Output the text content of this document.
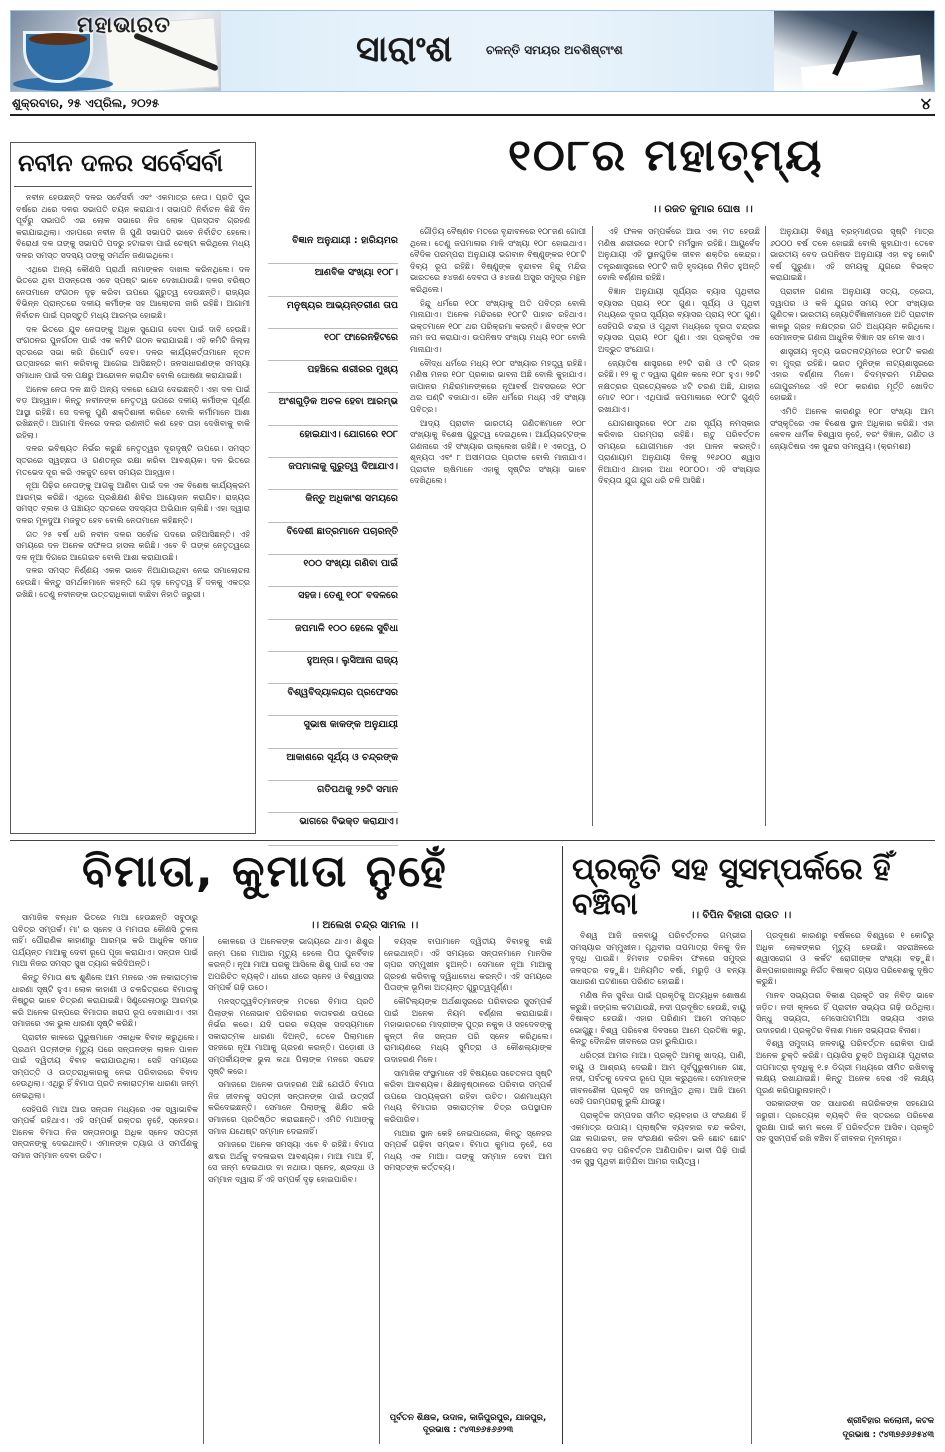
ମହାଭାରତ
ସାରାଂଶ	ଚଳନ୍ତି ସମୟର ଅବଶିଷ୍ଟାଂଶ
ଶୁକ୍ରବାର, ୨୫ ଏପ୍ରିଲ, ୨୦୨୫	୪
ନବୀନ ଦଳର ସର୍ବେସର୍ବା

ନବୀନ ହେଉଛନ୍ତି ଦଳର ସର୍ବେସର୍ବା ଏବଂ ଏକମାତ୍ର ନେତା। ପ୍ରତି ପୁର ବର୍ଷରେ ଥରେ ଦଳର ସଭାପତି ଚୟନ କରାଯାଏ। ସଭାପତି ନିର୍ବାଚନ କିଛି ଦିନ ପୂର୍ବରୁ ସଭାପତି ଏଇ ଲୋକ ସଭାରେ ନିଜ ଲୋକ ପ୍ରସ୍ତାବ ଗ୍ରହଣ କରାଯାଇଥିଲା। ଏହାପରେ ନବୀନ ଜି ପୁଣି ସଭାପତି ଭାବେ ନିର୍ବାଚିତ ହେଲେ। ବିରୋଧୀ ଦଳ ତାଙ୍କୁ ସଭାପତି ପଦରୁ ହଟାଇବା ପାଇଁ ଚେଷ୍ଟା କରିଥିଲେ ମଧ୍ୟ ଦଳର ସମସ୍ତ ସଦସ୍ୟ ତାଙ୍କୁ ସମର୍ଥନ ଜଣାଇଥିଲେ।

ଏଥିରେ ଅନ୍ୟ କୌଣସି ପ୍ରାର୍ଥୀ ନାମାଙ୍କନ ଦାଖଲ କରିନଥିଲେ। ଦଳ ଭିତରେ ଥିବା ଅସନ୍ତୋଷ ଏବେ ସ୍ପଷ୍ଟ ଭାବେ ଦେଖାଯାଉଛି। ଦଳର ବରିଷ୍ଠ ନେତାମାନେ ସଂଗଠନ ଦୃଢ଼ କରିବା ଉପରେ ଗୁରୁତ୍ୱ ଦେଉଛନ୍ତି। ରାଜ୍ୟର ବିଭିନ୍ନ ପ୍ରାନ୍ତରେ ଦଳୀୟ କର୍ମୀଙ୍କ ସହ ଆଲୋଚନା ଜାରି ରହିଛି। ଆଗାମୀ ନିର୍ବାଚନ ପାଇଁ ପ୍ରସ୍ତୁତି ମଧ୍ୟ ଆରମ୍ଭ ହୋଇଛି।

ଦଳ ଭିତରେ ଯୁବ ନେତାଙ୍କୁ ଅଧିକ ସୁଯୋଗ ଦେବା ପାଇଁ ଦାବି ହେଉଛି। ସଂଗଠନର ପୁନର୍ଗଠନ ପାଇଁ ଏକ କମିଟି ଗଠନ କରାଯାଇଛି। ଏହି କମିଟି ଜିଲ୍ଲା ସ୍ତରରେ ସଭା କରି ରିପୋର୍ଟ ଦେବ। ଦଳର କାର୍ଯ୍ୟକର୍ତ୍ତାମାନେ ନୂତନ ଉତ୍ସାହରେ କାମ କରିବାକୁ ଆଗେଇ ଆସିଛନ୍ତି। ଜନସାଧାରଣଙ୍କ ସମସ୍ୟା ସମାଧାନ ପାଇଁ ଦଳ ପକ୍ଷରୁ ଆନ୍ଦୋଳନ କରାଯିବ ବୋଲି ଘୋଷଣା କରାଯାଇଛି।

ଅନେକ ନେତା ଦଳ ଛାଡ଼ି ଅନ୍ୟ ଦଳରେ ଯୋଗ ଦେଇଛନ୍ତି। ଏହା ଦଳ ପାଇଁ ବଡ଼ ଆହ୍ୱାନ। କିନ୍ତୁ ନବୀନଙ୍କ ନେତୃତ୍ୱ ଉପରେ ଦଳୀୟ କର୍ମୀଙ୍କ ପୂର୍ଣ୍ଣ ଆସ୍ଥା ରହିଛି। ସେ ଦଳକୁ ପୁଣି ଶକ୍ତିଶାଳୀ କରିବେ ବୋଲି କର୍ମୀମାନେ ଆଶା ରଖିଛନ୍ତି। ଆଗାମୀ ଦିନରେ ଦଳର ରଣନୀତି କଣ ହେବ ତାହା ଦେଖିବାକୁ ବାକି ରହିଲା।

ଦଳର ଭବିଷ୍ୟତ ନିର୍ଭର କରୁଛି ନେତୃତ୍ୱର ଦୂରଦୃଷ୍ଟି ଉପରେ। ସମସ୍ତ ସ୍ତରରେ ସ୍ୱଚ୍ଛତା ଓ ଗଣତନ୍ତ୍ର ରକ୍ଷା କରିବା ଆବଶ୍ୟକ। ଦଳ ଭିତରେ ମତଭେଦ ଦୂର କରି ଏକଜୁଟ ହେବା ସମୟର ଆହ୍ୱାନ।

ନୂଆ ପିଢ଼ିର ନେତାଙ୍କୁ ଆଗକୁ ଆଣିବା ପାଇଁ ଦଳ ଏକ ବିଶେଷ କାର୍ଯ୍ୟକ୍ରମ ଆରମ୍ଭ କରିଛି। ଏଥିରେ ପ୍ରଶିକ୍ଷଣ ଶିବିର ଆୟୋଜନ କରାଯିବ। ରାଜ୍ୟର ସମସ୍ତ ବ୍ଲକ ଓ ପଞ୍ଚାୟତ ସ୍ତରରେ ସଦସ୍ୟତା ଅଭିଯାନ ଚାଲିଛି। ଏହା ଦ୍ୱାରା ଦଳର ମୂଳଦୁଆ ମଜବୁତ ହେବ ବୋଲି ନେତାମାନେ କହିଛନ୍ତି।

ଗତ ୨୫ ବର୍ଷ ଧରି ନବୀନ ଦଳର ସର୍ବୋଚ୍ଚ ପଦରେ ରହିଆସିଛନ୍ତି। ଏହି ସମୟରେ ଦଳ ଅନେକ ସଫଳତା ହାସଲ କରିଛି। ଏବେ ବି ତାଙ୍କ ନେତୃତ୍ୱରେ ଦଳ ନୂଆ ଦିଗରେ ଆଗେଇବ ବୋଲି ଆଶା କରାଯାଉଛି।

ଦଳର ସମସ୍ତ ନିର୍ଣ୍ଣୟ ଏକକ ଭାବେ ନିଆଯାଉଥିବା ନେଇ ସମାଲୋଚନା ହେଉଛି। କିନ୍ତୁ ସମର୍ଥକମାନେ କହନ୍ତି ଯେ ଦୃଢ଼ ନେତୃତ୍ୱ ହିଁ ଦଳକୁ ଏକତ୍ର ରଖିଛି। ତେଣୁ ନବୀନଙ୍କ ଉତ୍ତରାଧିକାରୀ ବାଛିବା ନିହାତି ଜରୁରୀ।

ବିଜ୍ଞାନ ଅନୁଯାୟୀ : ହାରିୟମର
ଆଣବିକ ସଂଖ୍ୟା ୧୦୮।
ମନୁଷ୍ୟର ଆଭ୍ୟନ୍ତରୀଣ ତାପ
୧୦୮ ଫାରେନହିଟରେ
ପହଞ୍ଚିଲେ ଶରୀରର ମୁଖ୍ୟ
ଅଂଶଗୁଡ଼ିକ ଅଚଳ ହେବା ଆରମ୍ଭ
ହୋଇଯାଏ। ଯୋଗରେ ୧୦୮
ଜପମାଳାକୁ ଗୁରୁତ୍ୱ ଦିଆଯାଏ।
କିନ୍ତୁ ଅଧିକାଂଶ ସମୟରେ
ବିଦେଶୀ ଛାତ୍ରମାନେ ପଚାରନ୍ତି
୧୦୦ ସଂଖ୍ୟା ଗଣିବା ପାଇଁ
ସହଜ। ତେଣୁ ୧୦୮ ବଦଳରେ
ଜପମାଳି ୧୦୦ ହେଲେ ସୁବିଧା
ହୁଅନ୍ତା। ଲୁସିଆନା ରାଜ୍ୟ
ବିଶ୍ୱବିଦ୍ୟାଳୟର ପ୍ରଫେସର
ସୁଭାଷ କାକଙ୍କ ଅନୁଯାୟୀ
ଆକାଶରେ ସୂର୍ଯ୍ୟ ଓ ଚନ୍ଦ୍ରଙ୍କ
ଗତିପଥକୁ ୨୭ଟି ସମାନ
ଭାଗରେ ବିଭକ୍ତ କରାଯାଏ।
୧୦୮ର ମହାତ୍ମ୍ୟ
।। ରଜତ କୁମାର ଘୋଷ ।।

ଗୌଡ଼ିୟ ବୈଷ୍ଣବ ମତରେ ବୃନ୍ଦାବନରେ ୧୦୮ଜଣ ଗୋପୀ ଥିଲେ। ତେଣୁ ଜପମାଳାର ମାଳି ସଂଖ୍ୟା ୧୦୮ ହୋଇଥାଏ। ବୈଦିକ ପରମ୍ପରା ଅନୁଯାୟୀ ଭଗବାନ ବିଷ୍ଣୁଙ୍କର ୧୦୮ଟି ଦିବ୍ୟ ରୂପ ରହିଛି। ବିଷ୍ଣୁଙ୍କ ବୃନ୍ଦାବନ ହିନ୍ଦୁ ମନ୍ଦିର ଭାରତରେ ୫୪ଜଣ ଦେବତା ଓ ୫୪ଜଣ ଅସୁର ସମୁଦ୍ର ମନ୍ଥନ କରିଥିଲେ।

ହିନ୍ଦୁ ଧର୍ମରେ ୧୦୮ ସଂଖ୍ୟାକୁ ଅତି ପବିତ୍ର ବୋଲି ମାନାଯାଏ। ଅନେକ ମନ୍ଦିରରେ ୧୦୮ଟି ପାହାଚ ରହିଥାଏ। ଭକ୍ତମାନେ ୧୦୮ ଥର ପରିକ୍ରମା କରନ୍ତି। ଶିବଙ୍କ ୧୦୮ ନାମ ଜପ କରାଯାଏ। ଉପନିଷଦ ସଂଖ୍ୟା ମଧ୍ୟ ୧୦୮ ବୋଲି ମାନାଯାଏ।

ବୌଦ୍ଧ ଧର୍ମରେ ମଧ୍ୟ ୧୦୮ ସଂଖ୍ୟାର ମହତ୍ତ୍ୱ ରହିଛି। ମଣିଷ ମନର ୧୦୮ ପ୍ରକାର ଭାବନା ଅଛି ବୋଲି କୁହାଯାଏ। ଜାପାନର ମନ୍ଦିରମାନଙ୍କରେ ନୂଆବର୍ଷ ଅବସରରେ ୧୦୮ ଥର ଘଣ୍ଟି ବଜାଯାଏ। ଜୈନ ଧର୍ମରେ ମଧ୍ୟ ଏହି ସଂଖ୍ୟା ପବିତ୍ର।

ଆଦ୍ୟ ପ୍ରାଚୀନ ଭାରତୀୟ ଗଣିତଜ୍ଞମାନେ ୧୦୮ ସଂଖ୍ୟାକୁ ବିଶେଷ ଗୁରୁତ୍ୱ ଦେଇଥିଲେ। ଆର୍ଯ୍ୟଭଟ୍ଟଙ୍କ ଗଣନାରେ ଏହି ସଂଖ୍ୟାର ଉଲ୍ଲେଖ ରହିଛି। ୧ ଏକତ୍ୱ, ୦ ଶୂନ୍ୟତା ଏବଂ ୮ ଅସୀମତାର ପ୍ରତୀକ ବୋଲି ମାନାଯାଏ। ପ୍ରାଚୀନ ଋଷିମାନେ ଏହାକୁ ସୃଷ୍ଟିର ସଂଖ୍ୟା ଭାବେ ଦେଖିଥିଲେ।

ଏହି ଫଳକ ସମ୍ପର୍କରେ ଆଉ ଏକ ମତ ହେଉଛି ମଣିଷ ଶରୀରରେ ୧୦୮ଟି ମର୍ମସ୍ଥାନ ରହିଛି। ଆୟୁର୍ବେଦ ଅନୁଯାୟୀ ଏହି ସ୍ଥାନଗୁଡ଼ିକ ଜୀବନ ଶକ୍ତିର କେନ୍ଦ୍ର। ତନ୍ତ୍ରଶାସ୍ତ୍ରରେ ୧୦୮ଟି ନାଡ଼ି ହୃଦୟରେ ମିଳିତ ହୁଅନ୍ତି ବୋଲି ବର୍ଣ୍ଣନା ରହିଛି।

ବିଜ୍ଞାନ ଅନୁଯାୟୀ ସୂର୍ଯ୍ୟର ବ୍ୟାସ ପୃଥିବୀର ବ୍ୟାସର ପ୍ରାୟ ୧୦୮ ଗୁଣ। ସୂର୍ଯ୍ୟ ଓ ପୃଥିବୀ ମଧ୍ୟରେ ଦୂରତା ସୂର୍ଯ୍ୟର ବ୍ୟାସର ପ୍ରାୟ ୧୦୮ ଗୁଣ। ସେହିପରି ଚନ୍ଦ୍ର ଓ ପୃଥିବୀ ମଧ୍ୟରେ ଦୂରତା ଚନ୍ଦ୍ରର ବ୍ୟାସର ପ୍ରାୟ ୧୦୮ ଗୁଣ। ଏହା ପ୍ରକୃତିର ଏକ ଅଦ୍ଭୁତ ସଂଯୋଗ।

ଜ୍ୟୋତିଷ ଶାସ୍ତ୍ରରେ ୧୨ଟି ରାଶି ଓ ୯ଟି ଗ୍ରହ ରହିଛି। ୧୨ କୁ ୯ ଦ୍ୱାରା ଗୁଣନ କଲେ ୧୦୮ ହୁଏ। ୨୭ଟି ନକ୍ଷତ୍ରର ପ୍ରତ୍ୟେକରେ ୪ଟି ଚରଣ ଅଛି, ଯାହାର ମୋଟ ୧୦୮। ଏଥିପାଇଁ ଜପମାଳାରେ ୧୦୮ଟି ଗୁଣ୍ଡି ରଖାଯାଏ।

ଯୋଗଶାସ୍ତ୍ରରେ ୧୦୮ ଥର ସୂର୍ଯ୍ୟ ନମସ୍କାର କରିବାର ପରମ୍ପରା ରହିଛି। ଋତୁ ପରିବର୍ତ୍ତନ ସମୟରେ ଯୋଗୀମାନେ ଏହା ପାଳନ କରନ୍ତି। ପ୍ରାଣାୟାମ ଅନୁଯାୟୀ ଦିନକୁ ୨୧୬୦୦ ଶ୍ୱାସ ନିଆଯାଏ ଯାହାର ଅଧା ୧୦୮୦୦। ଏହି ସଂଖ୍ୟାର ଦିବ୍ୟତା ଯୁଗ ଯୁଗ ଧରି ଚଳି ଆସିଛି।

ଅନୁଯାୟୀ ବିଶ୍ୱ ବ୍ରହ୍ମାଣ୍ଡର ସୃଷ୍ଟି ମାତ୍ର ୬୦୦୦ ବର୍ଷ ତଳେ ହୋଇଛି ବୋଲି କୁହାଯାଏ। ତେବେ ଭାରତୀୟ ବେଦ ଉପନିଷଦ ଅନୁଯାୟୀ ଏହା ବହୁ କୋଟି ବର୍ଷ ପୁରୁଣା। ଏହି ସମୟକୁ ଯୁଗରେ ବିଭକ୍ତ କରାଯାଇଛି।

ପ୍ରାଚୀନ ଗଣନା ଅନୁଯାୟୀ ସତ୍ୟ, ତ୍ରେତା, ଦ୍ୱାପର ଓ କଳି ଯୁଗର ସମୟ ୧୦୮ ସଂଖ୍ୟାର ଗୁଣିତକ। ଭାରତୀୟ ଜ୍ୟୋତିର୍ବିଜ୍ଞାନୀମାନେ ଅତି ପ୍ରାଚୀନ କାଳରୁ ଗ୍ରହ ନକ୍ଷତ୍ରର ଗତି ଅଧ୍ୟୟନ କରିଥିଲେ। ସେମାନଙ୍କ ଗଣନା ଆଧୁନିକ ବିଜ୍ଞାନ ସହ ମେଳ ଖାଏ।

ଶାସ୍ତ୍ରୀୟ ନୃତ୍ୟ ଭରତନାଟ୍ୟମରେ ୧୦୮ଟି କରଣ ବା ମୁଦ୍ରା ରହିଛି। ଭରତ ମୁନିଙ୍କ ନାଟ୍ୟଶାସ୍ତ୍ରରେ ଏହାର ବର୍ଣ୍ଣନା ମିଳେ। ଚିଦମ୍ବରମ ମନ୍ଦିରର ଗୋପୁରମରେ ଏହି ୧୦୮ କରଣର ମୂର୍ତ୍ତି ଖୋଦିତ ହୋଇଛି।

ଏମିତି ଅନେକ କାରଣରୁ ୧୦୮ ସଂଖ୍ୟା ଆମ ସଂସ୍କୃତିରେ ଏକ ବିଶେଷ ସ୍ଥାନ ଅଧିକାର କରିଛି। ଏହା କେବଳ ଧାର୍ମିକ ବିଶ୍ୱାସ ନୁହେଁ, ବରଂ ବିଜ୍ଞାନ, ଗଣିତ ଓ ଜ୍ୟୋତିଷର ଏକ ସୁନ୍ଦର ସମନ୍ୱୟ। (କ୍ରମଶଃ)

ବିମାତା, କୁମାତା ନୁହେଁ
।। ଅଲେଖ ଚନ୍ଦ୍ର ସାମଲ ।।

ସାମାଜିକ ବନ୍ଧନ ଭିତରେ ମାଆ ହେଉଛନ୍ତି ସବୁଠାରୁ ପବିତ୍ର ସମ୍ପର୍କ। ମା' ର ସ୍ନେହ ଓ ମମତାର କୌଣସି ତୁଳନା ନାହିଁ। ପୌରାଣିକ କାହାଣୀରୁ ଆରମ୍ଭ କରି ଆଧୁନିକ ସମାଜ ପର୍ଯ୍ୟନ୍ତ ମାଆକୁ ଦେବୀ ରୂପେ ପୂଜା କରାଯାଏ। ସନ୍ତାନ ପାଇଁ ମାଆ ନିଜର ସମସ୍ତ ସୁଖ ତ୍ୟାଗ କରିଦିଅନ୍ତି।

କିନ୍ତୁ ବିମାତା ଶବ୍ଦ ଶୁଣିଲେ ଆମ ମନରେ ଏକ ନକାରାତ୍ମକ ଧାରଣା ସୃଷ୍ଟି ହୁଏ। ଲୋକ କାହାଣୀ ଓ ଚଳଚ୍ଚିତ୍ରରେ ବିମାତାକୁ ନିଷ୍ଠୁର ଭାବେ ଚିତ୍ରଣ କରାଯାଇଛି। ସିଣ୍ଡ୍ରେଲାଠାରୁ ଆରମ୍ଭ କରି ଅନେକ ଗଳ୍ପରେ ବିମାତାର ଖରାପ ରୂପ ଦେଖାଯାଏ। ଏହା ସମାଜରେ ଏକ ଭୁଲ ଧାରଣା ସୃଷ୍ଟି କରିଛି।

ପ୍ରାଚୀନ କାଳରେ ପୁରୁଷମାନେ ଏକାଧିକ ବିବାହ କରୁଥିଲେ। ପ୍ରଥମ ପତ୍ନୀଙ୍କ ମୃତ୍ୟୁ ପରେ ସନ୍ତାନଙ୍କ ଲାଳନ ପାଳନ ପାଇଁ ଦ୍ୱିତୀୟ ବିବାହ କରାଯାଉଥିଲା। ସେହି ସମୟରେ ସମ୍ପତ୍ତି ଓ ଉତ୍ତରାଧିକାରକୁ ନେଇ ପରିବାରରେ ବିବାଦ ହେଉଥିଲା। ଏଥିରୁ ହିଁ ବିମାତା ପ୍ରତି ନକାରାତ୍ମକ ଧାରଣା ଜନ୍ମ ନେଇଥିଲା।

ସେହିପରି ମାଆ ଆଉ ସନ୍ତାନ ମଧ୍ୟରେ ଏକ ସ୍ୱାଭାବିକ ସମ୍ପର୍କ ରହିଥାଏ। ଏହି ସମ୍ପର୍କ ରକ୍ତର ନୁହେଁ, ସ୍ନେହର। ଅନେକ ବିମାତା ନିଜ ସନ୍ତାନଠାରୁ ଅଧିକ ସ୍ନେହ ସପତ୍ନୀ ସନ୍ତାନଙ୍କୁ ଦେଇଥାନ୍ତି। ଏମାନଙ୍କ ତ୍ୟାଗ ଓ ସମର୍ପଣକୁ ସମାଜ ସମ୍ମାନ ଦେବା ଉଚିତ।

କୋଳରେ ଓ ଅନେକଙ୍କ ଭାଗ୍ୟରେ ଥାଏ। ଶିଶୁର ଜନ୍ମ ପରେ ମାଆର ମୃତ୍ୟୁ ହେଲେ ପିତା ପୁନର୍ବିବାହ କରନ୍ତି। ନୂଆ ମାଆ ଘରକୁ ଆସିଲେ ଶିଶୁ ପାଇଁ ସେ ଏକ ଅପରିଚିତ ବ୍ୟକ୍ତି। ଧୀରେ ଧୀରେ ସ୍ନେହ ଓ ବିଶ୍ୱାସର ସମ୍ପର୍କ ଗଢ଼ି ଉଠେ।

ମନସ୍ତତ୍ତ୍ୱବିତ୍‌ମାନଙ୍କ ମତରେ ବିମାତା ପ୍ରତି ପିଲାଙ୍କ ମନୋଭାବ ପରିବାରର ବାତାବରଣ ଉପରେ ନିର୍ଭର କରେ। ଯଦି ଘରର ବୟସ୍କ ସଦସ୍ୟମାନେ ସକାରାତ୍ମକ ଧାରଣା ଦିଅନ୍ତି, ତେବେ ପିଲାମାନେ ସହଜରେ ନୂଆ ମାଆକୁ ଗ୍ରହଣ କରନ୍ତି। ପଡ଼ୋଶୀ ଓ ସମ୍ପର୍କୀୟଙ୍କ ଭୁଲ କଥା ପିଲାଙ୍କ ମନରେ ସନ୍ଦେହ ସୃଷ୍ଟି କରେ।

ସମାଜରେ ଅନେକ ଉଦାହରଣ ଅଛି ଯେଉଁଠି ବିମାତା ନିଜ ଜୀବନକୁ ସପତ୍ନୀ ସନ୍ତାନଙ୍କ ପାଇଁ ଉତ୍ସର୍ଗ କରିଦେଇଛନ୍ତି। ସେମାନେ ପିଲାଙ୍କୁ ଶିକ୍ଷିତ କରି ସମାଜରେ ପ୍ରତିଷ୍ଠିତ କରାଇଛନ୍ତି। ଏମିତି ମାଆଙ୍କୁ ସମାଜ ଯଥେଷ୍ଟ ସମ୍ମାନ ଦେଇନାହିଁ।

ସମାଜରେ ଅନେକ ସମସ୍ୟା ଏବେ ବି ରହିଛି। ବିମାତା ଶବ୍ଦର ଅର୍ଥକୁ ବଦଳାଇବା ଆବଶ୍ୟକ। ମାଆ ମାଆ ହିଁ, ସେ ଜନ୍ମ ଦେଇଥାଉ ବା ନଥାଉ। ସ୍ନେହ, ଶ୍ରଦ୍ଧା ଓ ସମ୍ମାନ ଦ୍ୱାରା ହିଁ ଏହି ସମ୍ପର୍କ ଦୃଢ଼ ହୋଇପାରିବ।

ବୟସ୍କ ବାପାମାନେ ଦ୍ୱିତୀୟ ବିବାହକୁ ବାଛି ନେଇଥାନ୍ତି। ଏହି ସମୟରେ ସନ୍ତାନମାନେ ମାନସିକ ଚାପର ସମ୍ମୁଖୀନ ହୁଅନ୍ତି। ସେମାନେ ନୂଆ ମାଆକୁ ଗ୍ରହଣ କରିବାକୁ ଦ୍ୱିଧାବୋଧ କରନ୍ତି। ଏହି ସମୟରେ ପିତାଙ୍କ ଭୂମିକା ଅତ୍ୟନ୍ତ ଗୁରୁତ୍ୱପୂର୍ଣ୍ଣ।

କୌଟିଲ୍ୟଙ୍କ ଅର୍ଥଶାସ୍ତ୍ରରେ ପରିବାରର ସୁସମ୍ପର୍କ ପାଇଁ ଅନେକ ନିୟମ ବର୍ଣ୍ଣନା କରାଯାଇଛି। ମହାଭାରତରେ ମାଦ୍ରୀଙ୍କ ପୁତ୍ର ନକୁଳ ଓ ସହଦେବଙ୍କୁ କୁନ୍ତୀ ନିଜ ସନ୍ତାନ ପରି ସ୍ନେହ କରିଥିଲେ। ରାମାୟଣରେ ମଧ୍ୟ ସୁମିତ୍ରା ଓ କୌଶଲ୍ୟାଙ୍କ ଉଦାହରଣ ମିଳେ।

ସାମାଜିକ ସଂସ୍ଥାମାନେ ଏହି ବିଷୟରେ ସଚେତନତା ସୃଷ୍ଟି କରିବା ଆବଶ୍ୟକ। ଶିକ୍ଷାନୁଷ୍ଠାନରେ ପରିବାର ସମ୍ପର୍କ ଉପରେ ପାଠ୍ୟକ୍ରମ ରହିବା ଉଚିତ। ଗଣମାଧ୍ୟମ ମଧ୍ୟ ବିମାତାର ସକାରାତ୍ମକ ଚିତ୍ର ଉପସ୍ଥାପନ କରିପାରିବ।

ମାଆର ସ୍ଥାନ କେହି ନେଇପାରେନା, କିନ୍ତୁ ସ୍ନେହର ସମ୍ପର୍କ ଗଢ଼ିବା ସମ୍ଭବ। ବିମାତା କୁମାତା ନୁହେଁ, ସେ ମଧ୍ୟ ଏକ ମାଆ। ତାଙ୍କୁ ସମ୍ମାନ ଦେବା ଆମ ସମସ୍ତଙ୍କ କର୍ତ୍ତବ୍ୟ।

ପୂର୍ବତନ ଶିକ୍ଷକ, ଉଦାଳ, କାଜିପୁରପୁର, ଯାଜପୁର, ଦୂରଭାଷ : ୯୪୩୭୬୫୬୬୨୩
ପ୍ରକୃତି ସହ ସୁସମ୍ପର୍କରେ ହିଁ ବଞ୍ଚିବା	।। ବିପିନ ବିହାରୀ ରାଉତ ।।

ବିଶ୍ୱ ଆଜି ଜଳବାୟୁ ପରିବର୍ତ୍ତନର ଗମ୍ଭୀର ସମସ୍ୟାର ସମ୍ମୁଖୀନ। ପୃଥିବୀର ତାପମାତ୍ରା ଦିନକୁ ଦିନ ବୃଦ୍ଧି ପାଉଛି। ହିମବାହ ତରଳିବା ଫଳରେ ସମୁଦ୍ର ଜଳସ୍ତର ବଢ଼ୁଛି। ଅନିୟମିତ ବର୍ଷା, ମରୁଡ଼ି ଓ ବନ୍ୟା ସାଧାରଣ ଘଟଣାରେ ପରିଣତ ହୋଇଛି।

ମଣିଷ ନିଜ ସୁବିଧା ପାଇଁ ପ୍ରକୃତିକୁ ଅତ୍ୟଧିକ ଶୋଷଣ କରୁଛି। ଜଙ୍ଗଲ କଟାଯାଉଛି, ନଦୀ ପ୍ରଦୂଷିତ ହେଉଛି, ବାୟୁ ବିଷାକ୍ତ ହେଉଛି। ଏହାର ପରିଣାମ ଆମେ ସମସ୍ତେ ଭୋଗୁଛୁ। ବିଶ୍ୱ ପରିବେଶ ଦିବସରେ ଆମେ ପ୍ରତିଜ୍ଞା କରୁ, କିନ୍ତୁ ଦୈନନ୍ଦିନ ଜୀବନରେ ତାହା ଭୁଲିଯାଉ।

ଧରିତ୍ରୀ ଆମର ମାଆ। ପ୍ରକୃତି ଆମକୁ ଖାଦ୍ୟ, ପାଣି, ବାୟୁ ଓ ଆଶ୍ରୟ ଦେଇଛି। ଆମ ପୂର୍ବପୁରୁଷମାନେ ଗଛ, ନଦୀ, ପର୍ବତକୁ ଦେବତା ରୂପେ ପୂଜା କରୁଥିଲେ। ସେମାନଙ୍କ ଜୀବନଶୈଳୀ ପ୍ରକୃତି ସହ ସମନ୍ୱିତ ଥିଲା। ଆଜି ଆମେ ସେହି ପରମ୍ପରାକୁ ଭୁଲି ଯାଉଛୁ।

ପ୍ରାକୃତିକ ସମ୍ପଦର ସୀମିତ ବ୍ୟବହାର ଓ ସଂରକ୍ଷଣ ହିଁ ଏକମାତ୍ର ଉପାୟ। ପ୍ଲାଷ୍ଟିକ ବ୍ୟବହାର ବନ୍ଦ କରିବା, ଗଛ ଲଗାଇବା, ଜଳ ସଂରକ୍ଷଣ କରିବା ଭଳି ଛୋଟ ଛୋଟ ପଦକ୍ଷେପ ବଡ଼ ପରିବର୍ତ୍ତନ ଆଣିପାରିବ। ଭାବୀ ପିଢ଼ି ପାଇଁ ଏକ ସୁସ୍ଥ ପୃଥିବୀ ଛାଡ଼ିଯିବା ଆମର ଦାୟିତ୍ୱ।

ପ୍ରଦୂଷଣ କାରଣରୁ ବର୍ଷକରେ ବିଶ୍ୱରେ ୧ କୋଟିରୁ ଅଧିକ ଲୋକଙ୍କର ମୃତ୍ୟୁ ହେଉଛି। ସହରାଞ୍ଚଳରେ ଶ୍ୱାସରୋଗ ଓ କର୍କଟ ରୋଗୀଙ୍କ ସଂଖ୍ୟା ବଢ଼ୁଛି। ଶିଳ୍ପକାରଖାନାରୁ ନିର୍ଗତ ବିଷାକ୍ତ ଗ୍ୟାସ ପରିବେଶକୁ ଦୂଷିତ କରୁଛି।

ମାନବ ସଭ୍ୟତାର ବିକାଶ ପ୍ରକୃତି ସହ ନିବିଡ଼ ଭାବେ ଜଡ଼ିତ। ନଦୀ କୂଳରେ ହିଁ ପ୍ରାଚୀନ ସଭ୍ୟତା ଗଢ଼ି ଉଠିଥିଲା। ସିନ୍ଧୁ ସଭ୍ୟତା, ମେସୋପଟାମିଆ ସଭ୍ୟତା ଏହାର ଉଦାହରଣ। ପ୍ରକୃତିର ବିନାଶ ମାନେ ସଭ୍ୟତାର ବିନାଶ।

ବିଶ୍ୱ ସମୁଦାୟ ଜଳବାୟୁ ପରିବର୍ତ୍ତନ ରୋକିବା ପାଇଁ ଅନେକ ଚୁକ୍ତି କରିଛି। ପ୍ୟାରିସ ଚୁକ୍ତି ଅନୁଯାୟୀ ପୃଥିବୀର ତାପମାତ୍ରା ବୃଦ୍ଧିକୁ ୧.୫ ଡିଗ୍ରୀ ମଧ୍ୟରେ ସୀମିତ ରଖିବାକୁ ଲକ୍ଷ୍ୟ ରଖାଯାଇଛି। କିନ୍ତୁ ଅନେକ ଦେଶ ଏହି ଲକ୍ଷ୍ୟ ପୂରଣ କରିପାରୁନାହାନ୍ତି।

ସରକାରଙ୍କ ସହ ସାଧାରଣ ନାଗରିକଙ୍କ ସହଯୋଗ ଜରୁରୀ। ପ୍ରତ୍ୟେକ ବ୍ୟକ୍ତି ନିଜ ସ୍ତରରେ ପରିବେଶ ସୁରକ୍ଷା ପାଇଁ କାମ କଲେ ହିଁ ପରିବର୍ତ୍ତନ ଆସିବ। ପ୍ରକୃତି ସହ ସୁସମ୍ପର୍କ ରଖି ବଞ୍ଚିବା ହିଁ ଜୀବନର ମୂଳମନ୍ତ୍ର।

ଶ୍ରୀବିହାର କଲୋନୀ, କଟକ
ଦୂରଭାଷ : ୯୪୩୭୬୬୬୫୪୩
